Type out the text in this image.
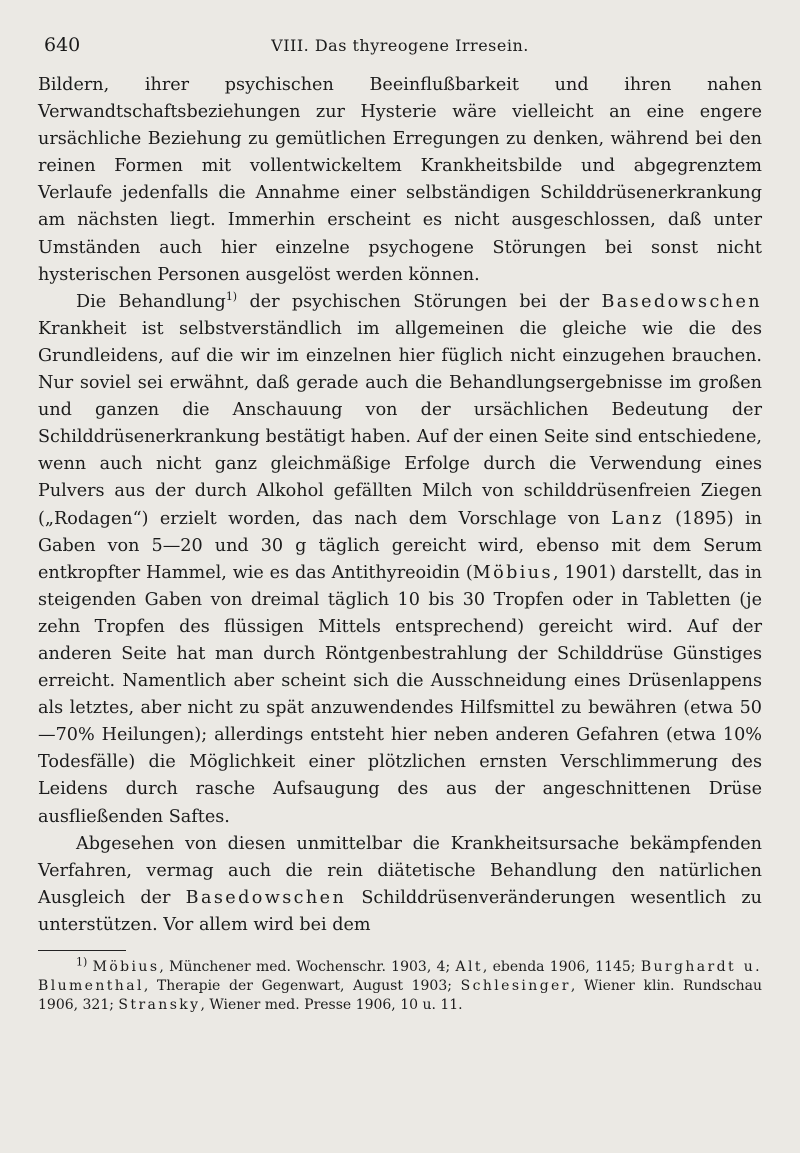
640	VIII. Das thyreogene Irresein.

Bildern, ihrer psychischen Beeinflußbarkeit und ihren nahen Verwandtschaftsbeziehungen zur Hysterie wäre vielleicht an eine engere ursächliche Beziehung zu gemütlichen Erregungen zu denken, während bei den reinen Formen mit vollentwickeltem Krankheitsbilde und abgegrenztem Verlaufe jedenfalls die Annahme einer selbständigen Schilddrüsenerkrankung am nächsten liegt. Immerhin erscheint es nicht ausgeschlossen, daß unter Umständen auch hier einzelne psychogene Störungen bei sonst nicht hysterischen Personen ausgelöst werden können.

Die Behandlung$^{1)}$ der psychischen Störungen bei der Basedowschen Krankheit ist selbstverständlich im allgemeinen die gleiche wie die des Grundleidens, auf die wir im einzelnen hier füglich nicht einzugehen brauchen. Nur soviel sei erwähnt, daß gerade auch die Behandlungsergebnisse im großen und ganzen die Anschauung von der ursächlichen Bedeutung der Schilddrüsenerkrankung bestätigt haben. Auf der einen Seite sind entschiedene, wenn auch nicht ganz gleichmäßige Erfolge durch die Verwendung eines Pulvers aus der durch Alkohol gefällten Milch von schilddrüsenfreien Ziegen („Rodagen“) erzielt worden, das nach dem Vorschlage von Lanz (1895) in Gaben von 5—20 und 30 g täglich gereicht wird, ebenso mit dem Serum entkropfter Hammel, wie es das Antithyreoidin (Möbius, 1901) darstellt, das in steigenden Gaben von dreimal täglich 10 bis 30 Tropfen oder in Tabletten (je zehn Tropfen des flüssigen Mittels entsprechend) gereicht wird. Auf der anderen Seite hat man durch Röntgenbestrahlung der Schilddrüse Günstiges erreicht. Namentlich aber scheint sich die Ausschneidung eines Drüsenlappens als letztes, aber nicht zu spät anzuwendendes Hilfsmittel zu bewähren (etwa 50—70% Heilungen); allerdings entsteht hier neben anderen Gefahren (etwa 10% Todesfälle) die Möglichkeit einer plötzlichen ernsten Verschlimmerung des Leidens durch rasche Aufsaugung des aus der angeschnittenen Drüse ausfließenden Saftes.

Abgesehen von diesen unmittelbar die Krankheitsursache bekämpfenden Verfahren, vermag auch die rein diätetische Behandlung den natürlichen Ausgleich der Basedowschen Schilddrüsenveränderungen wesentlich zu unterstützen. Vor allem wird bei dem

$^{1)}$ Möbius, Münchener med. Wochenschr. 1903, 4; Alt, ebenda 1906, 1145; Burghardt u. Blumenthal, Therapie der Gegenwart, August 1903; Schlesinger, Wiener klin. Rundschau 1906, 321; Stransky, Wiener med. Presse 1906, 10 u. 11.
